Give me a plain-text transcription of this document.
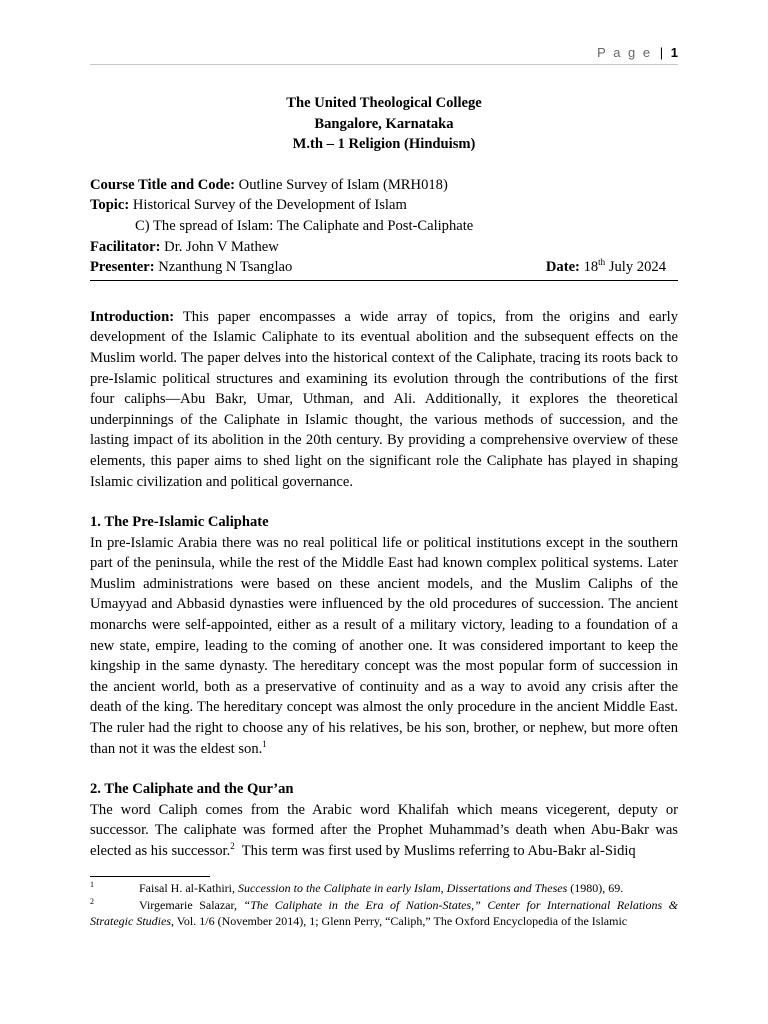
P a g e | 1
The United Theological College
Bangalore, Karnataka
M.th – 1 Religion (Hinduism)
Course Title and Code: Outline Survey of Islam (MRH018)
Topic: Historical Survey of the Development of Islam
C) The spread of Islam: The Caliphate and Post-Caliphate
Facilitator: Dr. John V Mathew
Presenter: Nzanthung N Tsanglao	Date: 18th July 2024
Introduction: This paper encompasses a wide array of topics, from the origins and early development of the Islamic Caliphate to its eventual abolition and the subsequent effects on the Muslim world. The paper delves into the historical context of the Caliphate, tracing its roots back to pre-Islamic political structures and examining its evolution through the contributions of the first four caliphs—Abu Bakr, Umar, Uthman, and Ali. Additionally, it explores the theoretical underpinnings of the Caliphate in Islamic thought, the various methods of succession, and the lasting impact of its abolition in the 20th century. By providing a comprehensive overview of these elements, this paper aims to shed light on the significant role the Caliphate has played in shaping Islamic civilization and political governance.
1. The Pre-Islamic Caliphate
In pre-Islamic Arabia there was no real political life or political institutions except in the southern part of the peninsula, while the rest of the Middle East had known complex political systems. Later Muslim administrations were based on these ancient models, and the Muslim Caliphs of the Umayyad and Abbasid dynasties were influenced by the old procedures of succession. The ancient monarchs were self-appointed, either as a result of a military victory, leading to a foundation of a new state, empire, leading to the coming of another one. It was considered important to keep the kingship in the same dynasty. The hereditary concept was the most popular form of succession in the ancient world, both as a preservative of continuity and as a way to avoid any crisis after the death of the king. The hereditary concept was almost the only procedure in the ancient Middle East. The ruler had the right to choose any of his relatives, be his son, brother, or nephew, but more often than not it was the eldest son.$^1$
2. The Caliphate and the Qur’an
The word Caliph comes from the Arabic word Khalifah which means vicegerent, deputy or successor. The caliphate was formed after the Prophet Muhammad’s death when Abu-Bakr was elected as his successor.$^2$  This term was first used by Muslims referring to Abu-Bakr al-Sidiq
$^1$	Faisal H. al-Kathiri, Succession to the Caliphate in early Islam, Dissertations and Theses (1980), 69.
$^2$	Virgemarie Salazar, “The Caliphate in the Era of Nation-States,” Center for International Relations & Strategic Studies, Vol. 1/6 (November 2014), 1; Glenn Perry, “Caliph,” The Oxford Encyclopedia of the Islamic
